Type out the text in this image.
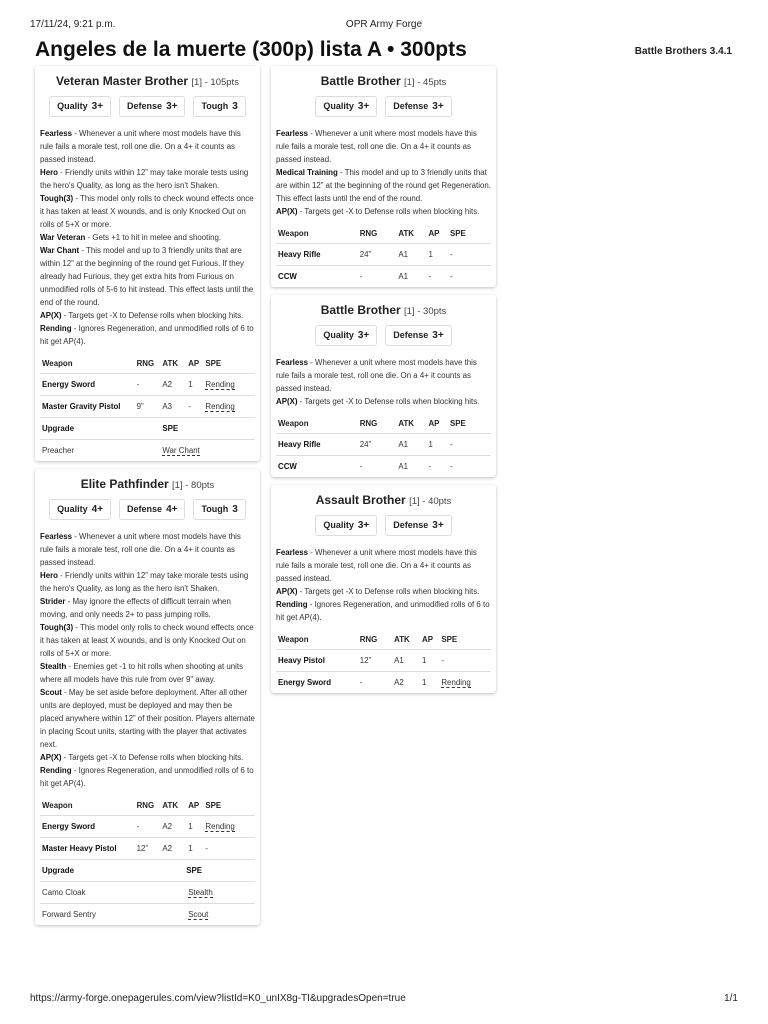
17/11/24, 9:21 p.m.	OPR Army Forge
Angeles de la muerte (300p) lista A • 300pts	Battle Brothers 3.4.1
Veteran Master Brother [1] - 105pts
Quality 3+	Defense 3+	Tough 3
Fearless - Whenever a unit where most models have this rule fails a morale test, roll one die. On a 4+ it counts as passed instead.
Hero - Friendly units within 12” may take morale tests using the hero's Quality, as long as the hero isn't Shaken.
Tough(3) - This model only rolls to check wound effects once it has taken at least X wounds, and is only Knocked Out on rolls of 5+X or more.
War Veteran - Gets +1 to hit in melee and shooting.
War Chant - This model and up to 3 friendly units that are within 12” at the beginning of the round get Furious. If they already had Furious, they get extra hits from Furious on unmodified rolls of 5-6 to hit instead. This effect lasts until the end of the round.
AP(X) - Targets get -X to Defense rolls when blocking hits.
Rending - Ignores Regeneration, and unmodified rolls of 6 to hit get AP(4).
Weapon	RNG	ATK	AP	SPE
Energy Sword	-	A2	1	Rending
Master Gravity Pistol	9”	A3	-	Rending
Upgrade		SPE		
Preacher		War Chant		
Elite Pathfinder [1] - 80pts
Quality 4+	Defense 4+	Tough 3
Fearless - Whenever a unit where most models have this rule fails a morale test, roll one die. On a 4+ it counts as passed instead.
Hero - Friendly units within 12” may take morale tests using the hero's Quality, as long as the hero isn't Shaken.
Strider - May ignore the effects of difficult terrain when moving, and only needs 2+ to pass jumping rolls.
Tough(3) - This model only rolls to check wound effects once it has taken at least X wounds, and is only Knocked Out on rolls of 5+X or more.
Stealth - Enemies get -1 to hit rolls when shooting at units where all models have this rule from over 9” away.
Scout - May be set aside before deployment. After all other units are deployed, must be deployed and may then be placed anywhere within 12” of their position. Players alternate in placing Scout units, starting with the player that activates next.
AP(X) - Targets get -X to Defense rolls when blocking hits.
Rending - Ignores Regeneration, and unmodified rolls of 6 to hit get AP(4).
Weapon	RNG	ATK	AP	SPE
Energy Sword	-	A2	1	Rending
Master Heavy Pistol	12”	A2	1	-
Upgrade			SPE	
Camo Cloak			Stealth	
Forward Sentry			Scout	
Battle Brother [1] - 45pts
Quality 3+	Defense 3+
Fearless - Whenever a unit where most models have this rule fails a morale test, roll one die. On a 4+ it counts as passed instead.
Medical Training - This model and up to 3 friendly units that are within 12” at the beginning of the round get Regeneration. This effect lasts until the end of the round.
AP(X) - Targets get -X to Defense rolls when blocking hits.
Weapon	RNG	ATK	AP	SPE
Heavy Rifle	24”	A1	1	-
CCW	-	A1	-	-
Battle Brother [1] - 30pts
Quality 3+	Defense 3+
Fearless - Whenever a unit where most models have this rule fails a morale test, roll one die. On a 4+ it counts as passed instead.
AP(X) - Targets get -X to Defense rolls when blocking hits.
Weapon	RNG	ATK	AP	SPE
Heavy Rifle	24”	A1	1	-
CCW	-	A1	-	-
Assault Brother [1] - 40pts
Quality 3+	Defense 3+
Fearless - Whenever a unit where most models have this rule fails a morale test, roll one die. On a 4+ it counts as passed instead.
AP(X) - Targets get -X to Defense rolls when blocking hits.
Rending - Ignores Regeneration, and unmodified rolls of 6 to hit get AP(4).
Weapon	RNG	ATK	AP	SPE
Heavy Pistol	12”	A1	1	-
Energy Sword	-	A2	1	Rending
https://army-forge.onepagerules.com/view?listId=K0_unIX8g-TI&upgradesOpen=true	1/1
